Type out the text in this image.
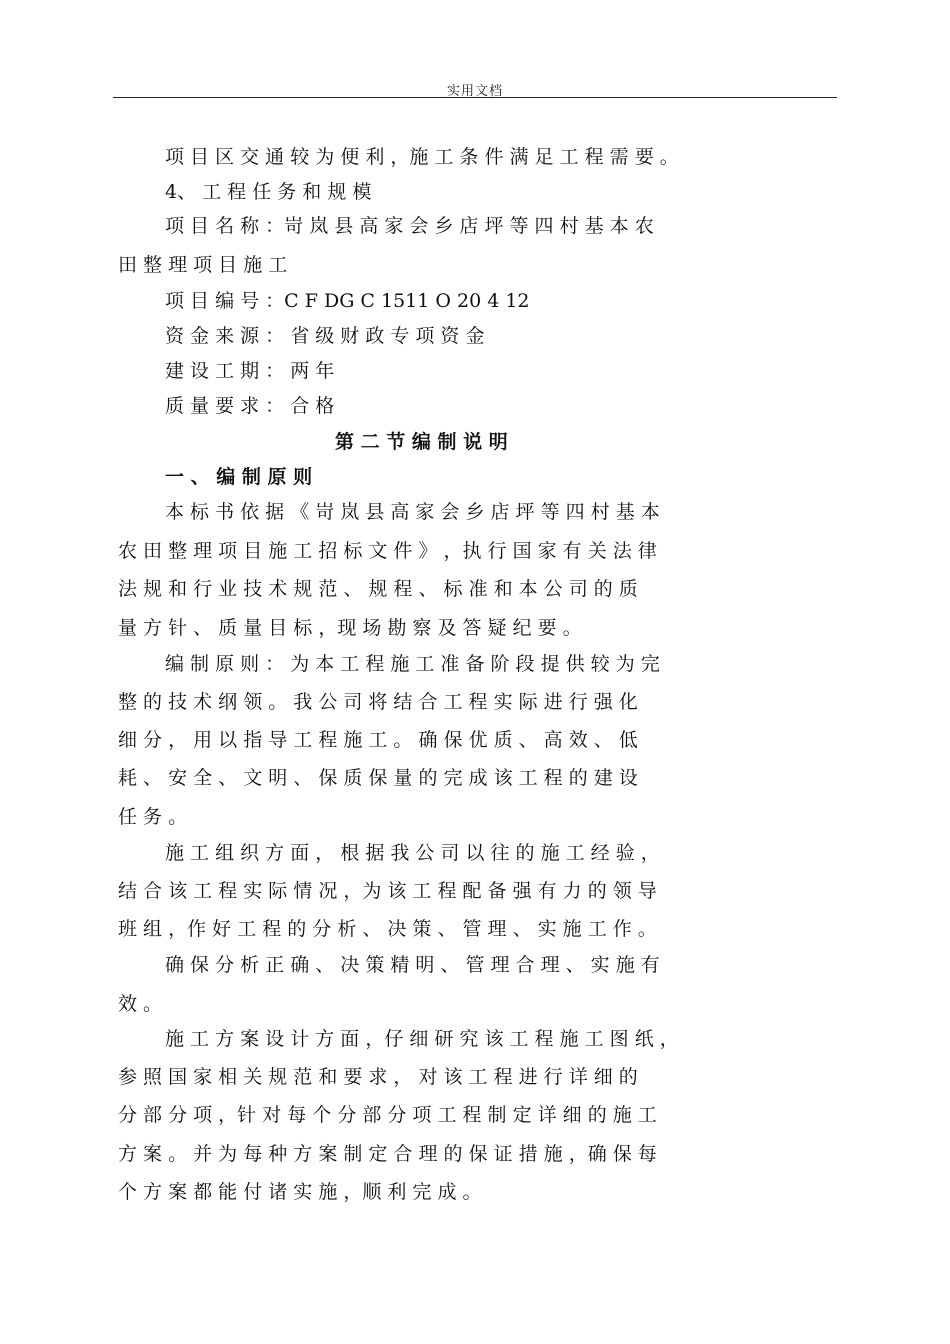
实用文档
项 目 区 交 通 较 为 便 利 ，施 工 条 件 满 足 工 程 需 要 。
4、 工 程 任 务 和 规 模
项 目 名 称 ：岢 岚 县 高 家 会 乡 店 坪 等 四 村 基 本 农
田 整 理 项 目 施 工
项 目 编 号 ：C F DG C 1511 O 20 4 12
资 金 来 源 ： 省 级 财 政 专 项 资 金
建 设 工 期 ： 两 年
质 量 要 求 ： 合 格
第 二 节 编 制 说 明
一 、 编 制 原 则
本 标 书 依 据 《 岢 岚 县 高 家 会 乡 店 坪 等 四 村 基 本
农 田 整 理 项 目 施 工 招 标 文 件 》 ，执 行 国 家 有 关 法 律
法 规 和 行 业 技 术 规 范 、 规 程 、 标 准 和 本 公 司 的 质
量 方 针 、 质 量 目 标 ，现 场 勘 察 及 答 疑 纪 要 。
编 制 原 则 ： 为 本 工 程 施 工 准 备 阶 段 提 供 较 为 完
整 的 技 术 纲 领 。 我 公 司 将 结 合 工 程 实 际 进 行 强 化
细 分 ， 用 以 指 导 工 程 施 工 。 确 保 优 质 、 高 效 、 低
耗 、 安 全 、 文 明 、 保 质 保 量 的 完 成 该 工 程 的 建 设
任 务 。
施 工 组 织 方 面 ， 根 据 我 公 司 以 往 的 施 工 经 验 ，
结 合 该 工 程 实 际 情 况 ，为 该 工 程 配 备 强 有 力 的 领 导
班 组 ，作 好 工 程 的 分 析 、 决 策 、 管 理 、 实 施 工 作 。
确 保 分 析 正 确 、 决 策 精 明 、 管 理 合 理 、 实 施 有
效 。
施 工 方 案 设 计 方 面 ，仔 细 研 究 该 工 程 施 工 图 纸 ，
参 照 国 家 相 关 规 范 和 要 求 ， 对 该 工 程 进 行 详 细 的
分 部 分 项 ，针 对 每 个 分 部 分 项 工 程 制 定 详 细 的 施 工
方 案 。 并 为 每 种 方 案 制 定 合 理 的 保 证 措 施 ，确 保 每
个 方 案 都 能 付 诸 实 施 ，顺 利 完 成 。
